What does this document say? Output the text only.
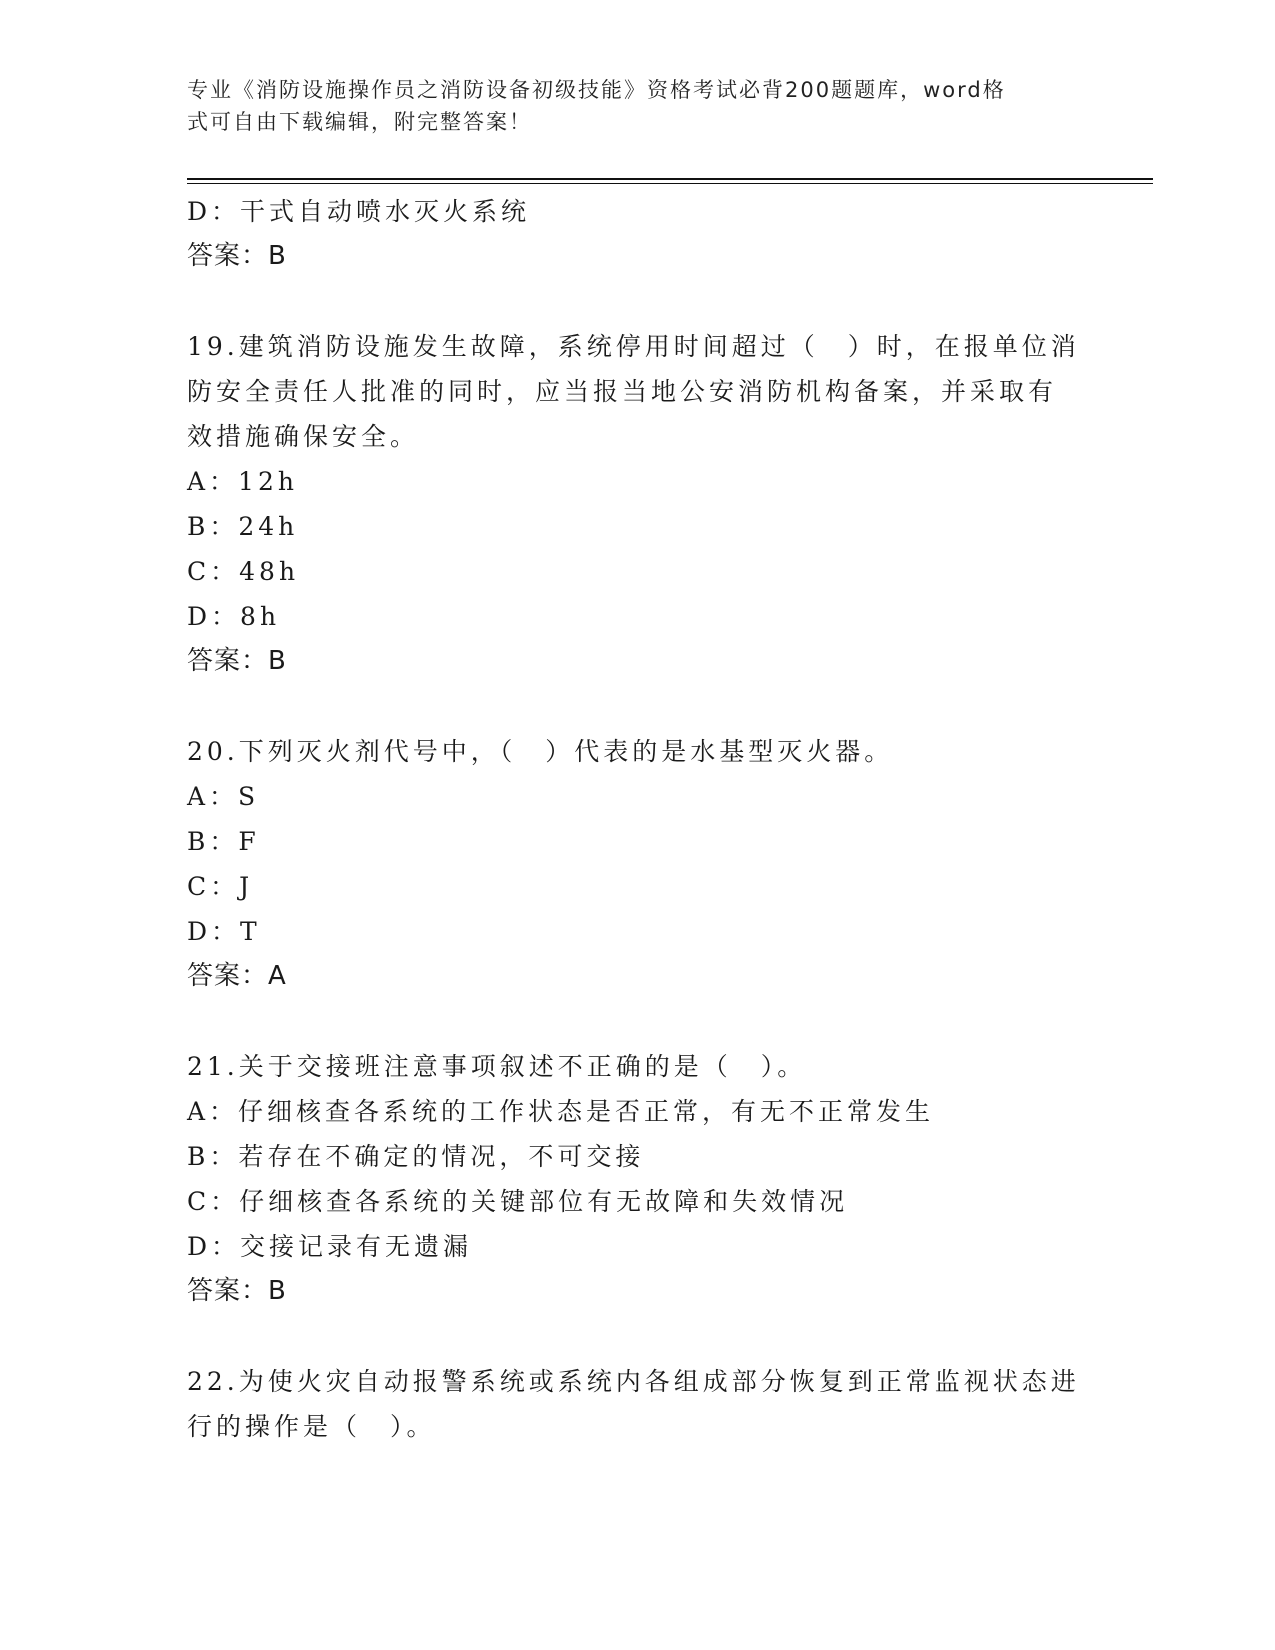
专业《消防设施操作员之消防设备初级技能》资格考试必背200题题库，word格
式可自由下载编辑，附完整答案！
D：干式自动喷水灭火系统
答案：B
19.建筑消防设施发生故障，系统停用时间超过（　）时，在报单位消
防安全责任人批准的同时，应当报当地公安消防机构备案，并采取有
效措施确保安全。
A：12h
B：24h
C：48h
D：8h
答案：B
20.下列灭火剂代号中，（　）代表的是水基型灭火器。
A：S
B：F
C：J
D：T
答案：A
21.关于交接班注意事项叙述不正确的是（　）。
A：仔细核查各系统的工作状态是否正常，有无不正常发生
B：若存在不确定的情况，不可交接
C：仔细核查各系统的关键部位有无故障和失效情况
D：交接记录有无遗漏
答案：B
22.为使火灾自动报警系统或系统内各组成部分恢复到正常监视状态进
行的操作是（　）。
